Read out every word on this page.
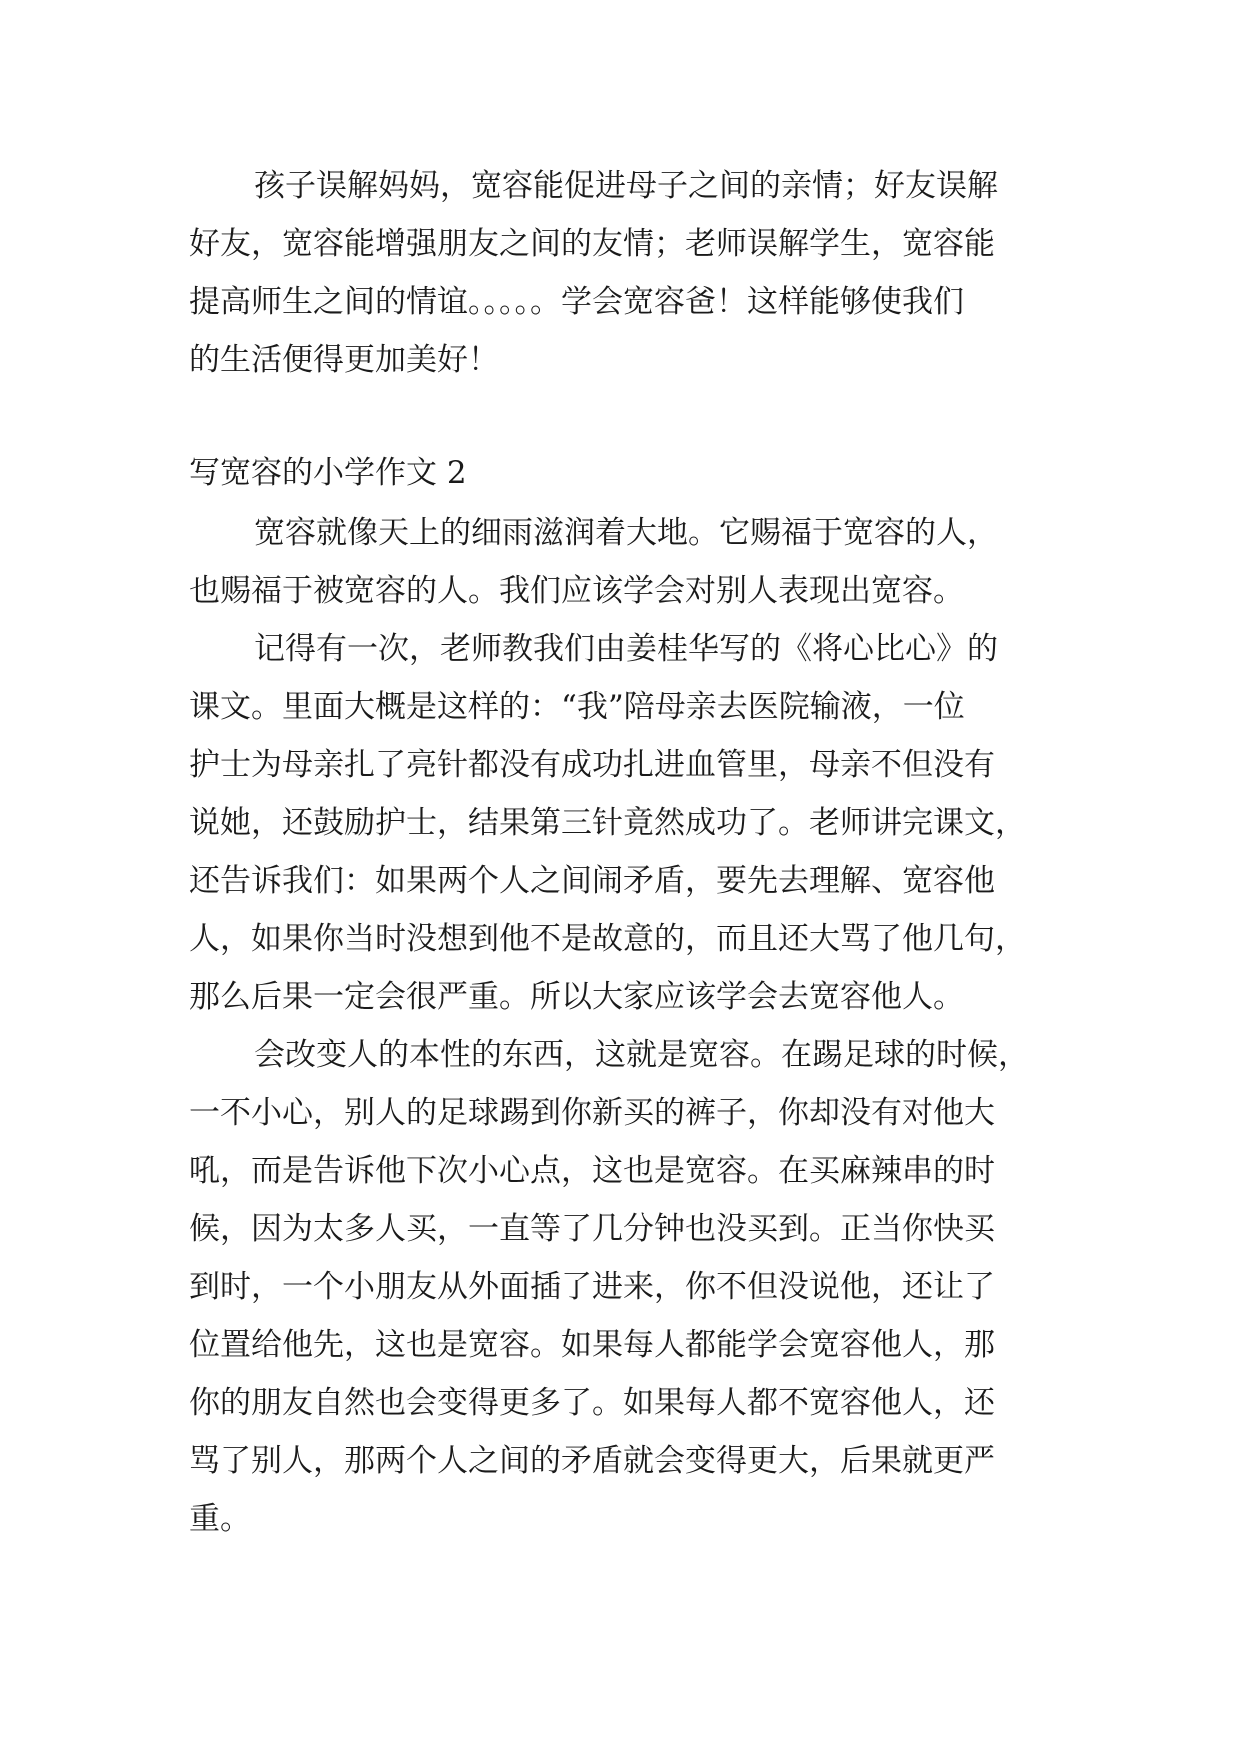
孩子误解妈妈，宽容能促进母子之间的亲情；好友误解
好友，宽容能增强朋友之间的友情；老师误解学生，宽容能
提高师生之间的情谊。。。。。学会宽容爸！这样能够使我们
的生活便得更加美好！
写宽容的小学作文 2
宽容就像天上的细雨滋润着大地。它赐福于宽容的人，
也赐福于被宽容的人。我们应该学会对别人表现出宽容。
记得有一次，老师教我们由姜桂华写的《将心比心》的
课文。里面大概是这样的：“我”陪母亲去医院输液，一位
护士为母亲扎了亮针都没有成功扎进血管里，母亲不但没有
说她，还鼓励护士，结果第三针竟然成功了。老师讲完课文，
还告诉我们：如果两个人之间闹矛盾，要先去理解、宽容他
人，如果你当时没想到他不是故意的，而且还大骂了他几句，
那么后果一定会很严重。所以大家应该学会去宽容他人。
会改变人的本性的东西，这就是宽容。在踢足球的时候，
一不小心，别人的足球踢到你新买的裤子，你却没有对他大
吼，而是告诉他下次小心点，这也是宽容。在买麻辣串的时
候，因为太多人买，一直等了几分钟也没买到。正当你快买
到时，一个小朋友从外面插了进来，你不但没说他，还让了
位置给他先，这也是宽容。如果每人都能学会宽容他人，那
你的朋友自然也会变得更多了。如果每人都不宽容他人，还
骂了别人，那两个人之间的矛盾就会变得更大，后果就更严
重。
